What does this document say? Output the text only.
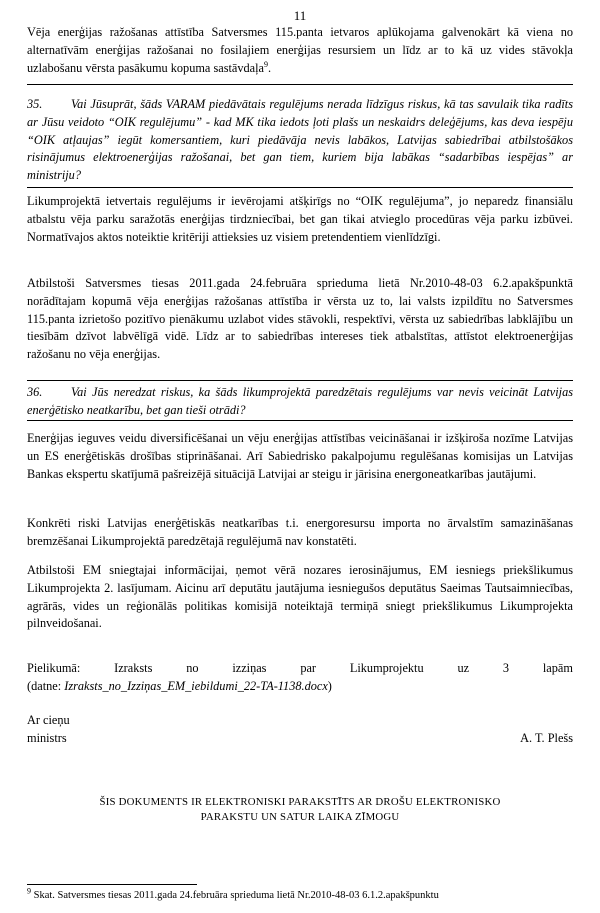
11

Vēja enerģijas ražošanas attīstība Satversmes 115.panta ietvaros aplūkojama galvenokārt kā viena no alternatīvām enerģijas ražošanai no fosilajiem enerģijas resursiem un līdz ar to kā uz vides stāvokļa uzlabošanu vērsta pasākumu kopuma sastāvdaļa$^9$.

35. Vai Jūsuprāt, šāds VARAM piedāvātais regulējums nerada līdzīgus riskus, kā tas savulaik tika radīts ar Jūsu veidoto “OIK regulējumu” - kad MK tika iedots ļoti plašs un neskaidrs deleģējums, kas deva iespēju “OIK atļaujas” iegūt komersantiem, kuri piedāvāja nevis labākos, Latvijas sabiedrībai atbilstošākos risinājumus elektroenerģijas ražošanai, bet gan tiem, kuriem bija labākas “sadarbības iespējas” ar ministriju?

Likumprojektā ietvertais regulējums ir ievērojami atšķirīgs no “OIK regulējuma”, jo neparedz finansiālu atbalstu vēja parku saražotās enerģijas tirdzniecībai, bet gan tikai atvieglo procedūras vēja parku izbūvei. Normatīvajos aktos noteiktie kritēriji attieksies uz visiem pretendentiem vienlīdzīgi.

Atbilstoši Satversmes tiesas 2011.gada 24.februāra sprieduma lietā Nr.2010-48-03 6.2.apakšpunktā norādītajam kopumā vēja enerģijas ražošanas attīstība ir vērsta uz to, lai valsts izpildītu no Satversmes 115.panta izrietošo pozitīvo pienākumu uzlabot vides stāvokli, respektīvi, vērsta uz sabiedrības labklājību un tiesībām dzīvot labvēlīgā vidē. Līdz ar to sabiedrības intereses tiek atbalstītas, attīstot elektroenerģijas ražošanu no vēja enerģijas.

36. Vai Jūs neredzat riskus, ka šāds likumprojektā paredzētais regulējums var nevis veicināt Latvijas enerģētisko neatkarību, bet gan tieši otrādi?

Enerģijas ieguves veidu diversificēšanai un vēju enerģijas attīstības veicināšanai ir izšķiroša nozīme Latvijas un ES enerģētiskās drošības stiprināšanai. Arī Sabiedrisko pakalpojumu regulēšanas komisijas un Latvijas Bankas ekspertu skatījumā pašreizējā situācijā Latvijai ar steigu ir jārisina energoneatkarības jautājumi.

Konkrēti riski Latvijas enerģētiskās neatkarības t.i. energoresursu importa no ārvalstīm samazināšanas bremzēšanai Likumprojektā paredzētajā regulējumā nav konstatēti.

Atbilstoši EM sniegtajai informācijai, ņemot vērā nozares ierosinājumus, EM iesniegs priekšlikumus Likumprojekta 2. lasījumam. Aicinu arī deputātu jautājuma iesniegušos deputātus Saeimas Tautsaimniecības, agrārās, vides un reģionālās politikas komisijā noteiktajā termiņā sniegt priekšlikumus Likumprojekta pilnveidošanai.

Pielikumā:	Izraksts	no	izziņas	par	Likumprojektu	uz	3	lapām
(datne: Izraksts_no_Izziņas_EM_iebildumi_22-TA-1138.docx)
Ar cieņu
ministrs	A. T. Plešs
ŠIS DOKUMENTS IR ELEKTRONISKI PARAKSTĪTS AR DROŠU ELEKTRONISKO
PARAKSTU UN SATUR LAIKA ZĪMOGU
$^9$ Skat. Satversmes tiesas 2011.gada 24.februāra sprieduma lietā Nr.2010-48-03 6.1.2.apakšpunktu
